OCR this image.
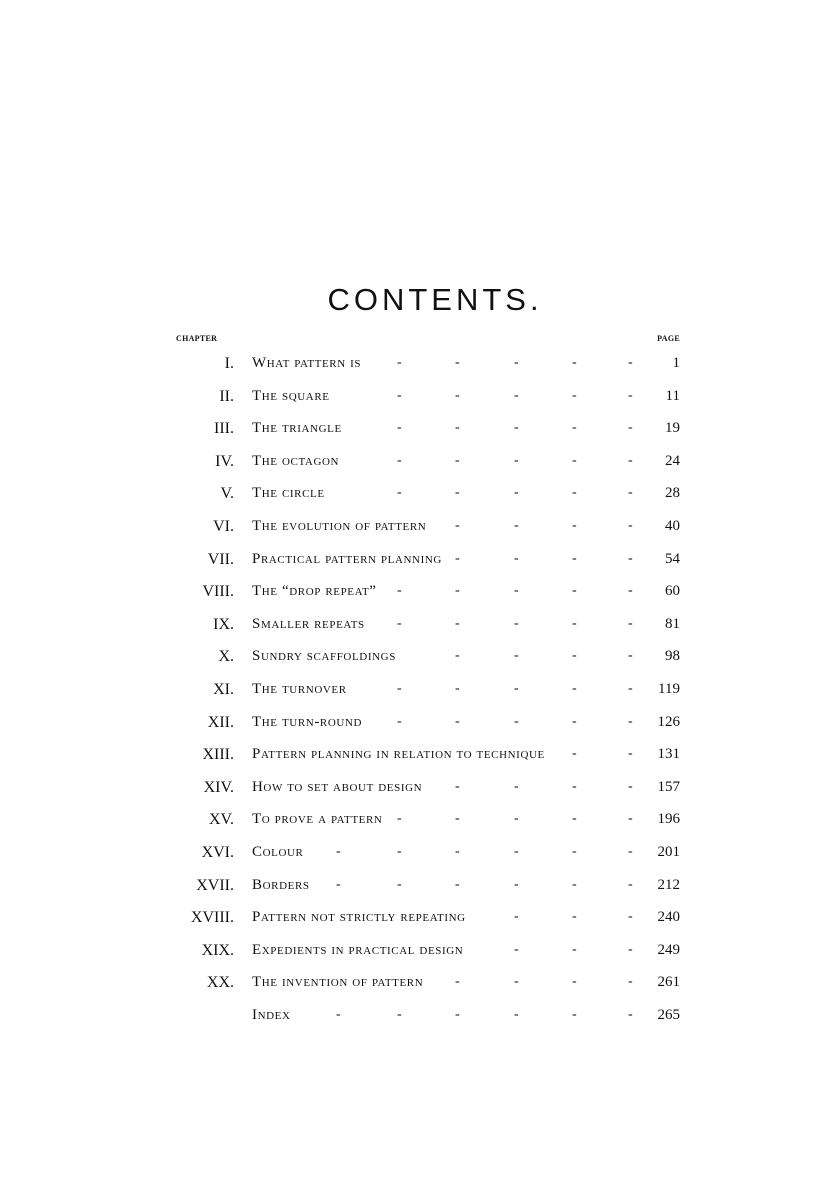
CONTENTS.
CHAPTER	PAGE
I. What pattern is	-	-	-	-	-	1
II. The square	-	-	-	-	- 11
III. The triangle	-	-	-	-	- 19
IV. The octagon	-	-	-	-	- 24
V. The circle	-	-	-	-	- 28
VI. The evolution of pattern -	-	-	- 40
VII. Practical pattern planning -	-	-	- 54
VIII. The “drop repeat” -	-	-	-	- 60
IX. Smaller repeats -	-	-	-	- 81
X. Sundry scaffoldings	-	-	-	- 98
XI. The turnover	-	-	-	-	- 119
XII. The turn-round -	-	-	-	- 126
XIII. Pattern planning in relation to technique -	- 131
XIV. How to set about design -	-	-	- 157
XV. To prove a pattern -	-	-	-	- 196
XVI. Colour -	-	-	-	-	- 201
XVII. Borders -	-	-	-	-	- 212
XVIII. Pattern not strictly repeating	-	-	- 240
XIX. Expedients in practical design	-	-	- 249
XX. The invention of pattern -	-	-	- 261
Index	-	-	-	-	-	- 265
